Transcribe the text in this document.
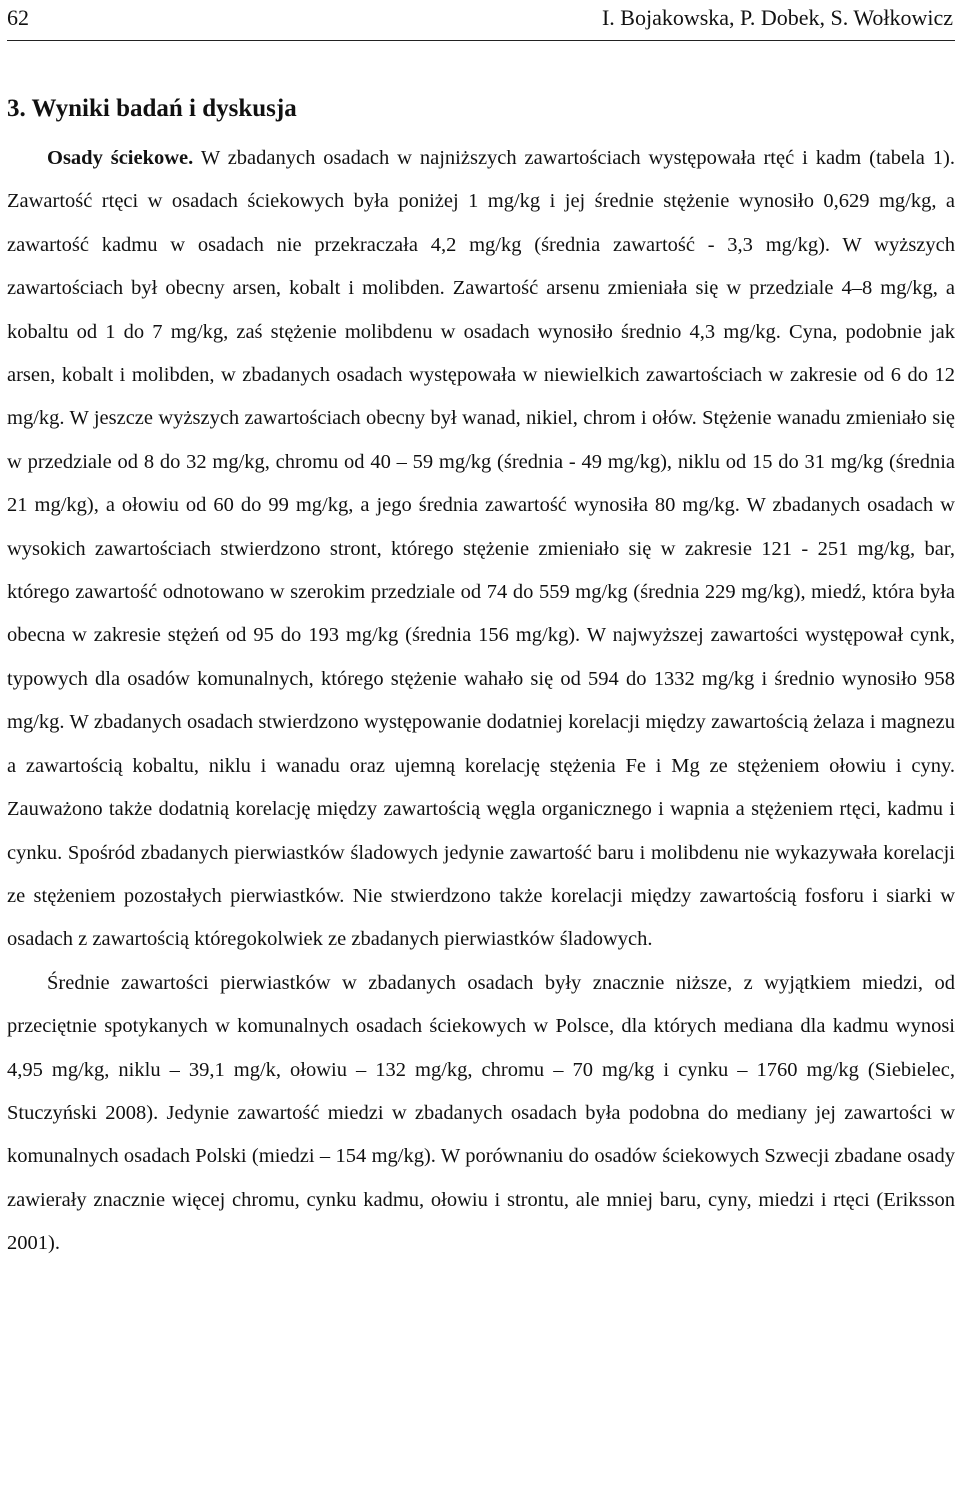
62	I. Bojakowska, P. Dobek, S. Wołkowicz
3. Wyniki badań i dyskusja

Osady ściekowe. W zbadanych osadach w najniższych zawartościach występowała rtęć i kadm (tabela 1). Zawartość rtęci w osadach ściekowych była poniżej 1 mg/kg i jej średnie stężenie wynosiło 0,629 mg/kg, a zawartość kadmu w osadach nie przekraczała 4,2 mg/kg (średnia zawartość - 3,3 mg/kg). W wyższych zawartościach był obecny arsen, kobalt i molibden. Zawartość arsenu zmieniała się w przedziale 4–8 mg/kg, a kobaltu od 1 do 7 mg/kg, zaś stężenie molibdenu w osadach wynosiło średnio 4,3 mg/kg. Cyna, podobnie jak arsen, kobalt i molibden, w zbadanych osadach występowała w niewielkich zawartościach w zakresie od 6 do 12 mg/kg. W jeszcze wyższych zawartościach obecny był wanad, nikiel, chrom i ołów. Stężenie wanadu zmieniało się w przedziale od 8 do 32 mg/kg, chromu od 40 – 59 mg/kg (średnia - 49 mg/kg), niklu od 15 do 31 mg/kg (średnia 21 mg/kg), a ołowiu od 60 do 99 mg/kg, a jego średnia zawartość wynosiła 80 mg/kg. W zbadanych osadach w wysokich zawartościach stwierdzono stront, którego stężenie zmieniało się w zakresie 121 - 251 mg/kg, bar, którego zawartość odnotowano w szerokim przedziale od 74 do 559 mg/kg (średnia 229 mg/kg), miedź, która była obecna w zakresie stężeń od 95 do 193 mg/kg (średnia 156 mg/kg). W najwyższej zawartości występował cynk, typowych dla osadów komunalnych, którego stężenie wahało się od 594 do 1332 mg/kg i średnio wynosiło 958 mg/kg. W zbadanych osadach stwierdzono występowanie dodatniej korelacji między zawartością żelaza i magnezu a zawartością kobaltu, niklu i wanadu oraz ujemną korelację stężenia Fe i Mg ze stężeniem ołowiu i cyny. Zauważono także dodatnią korelację między zawartością węgla organicznego i wapnia a stężeniem rtęci, kadmu i cynku. Spośród zbadanych pierwiastków śladowych jedynie zawartość baru i molibdenu nie wykazywała korelacji ze stężeniem pozostałych pierwiastków. Nie stwierdzono także korelacji między zawartością fosforu i siarki w osadach z zawartością któregokolwiek ze zbadanych pierwiastków śladowych.

Średnie zawartości pierwiastków w zbadanych osadach były znacznie niższe, z wyjątkiem miedzi, od przeciętnie spotykanych w komunalnych osadach ściekowych w Polsce, dla których mediana dla kadmu wynosi 4,95 mg/kg, niklu – 39,1 mg/k, ołowiu – 132 mg/kg, chromu – 70 mg/kg i cynku – 1760 mg/kg (Siebielec, Stuczyński 2008). Jedynie zawartość miedzi w zbadanych osadach była podobna do mediany jej zawartości w komunalnych osadach Polski (miedzi – 154 mg/kg). W porównaniu do osadów ściekowych Szwecji zbadane osady zawierały znacznie więcej chromu, cynku kadmu, ołowiu i strontu, ale mniej baru, cyny, miedzi i rtęci (Eriksson 2001).
